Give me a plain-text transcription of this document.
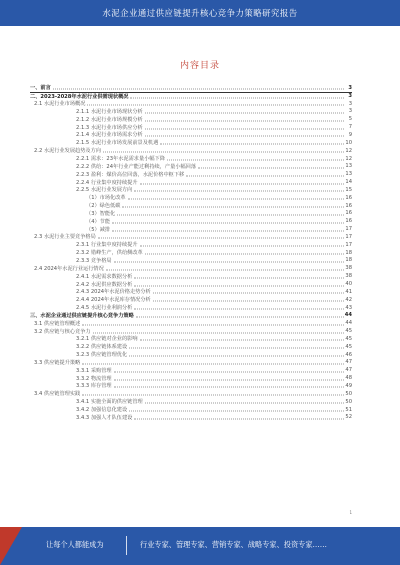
水泥企业通过供应链提升核心竞争力策略研究报告
内容目录
一、前言	3
二、2023-2028年水泥行业供需现状概况	3
2.1 水泥行业市场概况	3
2.1.1 水泥行业市场现状分析	3
2.1.2 水泥行业市场规模分析	5
2.1.3 水泥行业市场供应分析	7
2.1.4 水泥行业市场需求分析	9
2.1.5 水泥行业市场发展前景及机遇	10
2.2 水泥行业发展趋势及方向	12
2.2.1 需求：23年水泥需求量小幅下降	12
2.2.2 供给：24年行业产能过剩持续，产量小幅回落	13
2.2.3 盈利：煤价高位回落，水泥价格中枢下移	13
2.2.4 行业集中度持续提升	14
2.2.5 水泥行业发展方向	15
（1）市场化改革	16
（2）绿色低碳	16
（3）智能化	16
（4）节能	16
（5）减排	17
2.3 水泥行业主要竞争格局	17
2.3.1 行业集中度持续提升	17
2.3.2 错峰生产，供给侧改革	18
2.3.3 竞争格局	18
2.4 2024年水泥行业运行情况	38
2.4.1 水泥需求数据分析	38
2.4.2 水泥供应数据分析	40
2.4.3 2024年水泥价格走势分析	41
2.4.4 2024年水泥库存情况分析	42
2.4.5 水泥行业利润分析	43
三、水泥企业通过供应链提升核心竞争力策略	44
3.1 供应链管理概述	44
3.2 供应链与核心竞争力	45
3.2.1 供应链对企业的影响	45
3.2.2 供应链体系建设	45
3.2.3 供应链管理优化	46
3.3 供应链提升策略	47
3.3.1 采购管理	47
3.3.2 物流管理	48
3.3.3 库存管理	49
3.4 供应链管理实践	50
3.4.1 实施全面的供应链管理	50
3.4.2 加强信息化建设	51
3.4.3 加强人才队伍建设	52
1
让每个人都能成为	行业专家、管理专家、营销专家、战略专家、投资专家……
